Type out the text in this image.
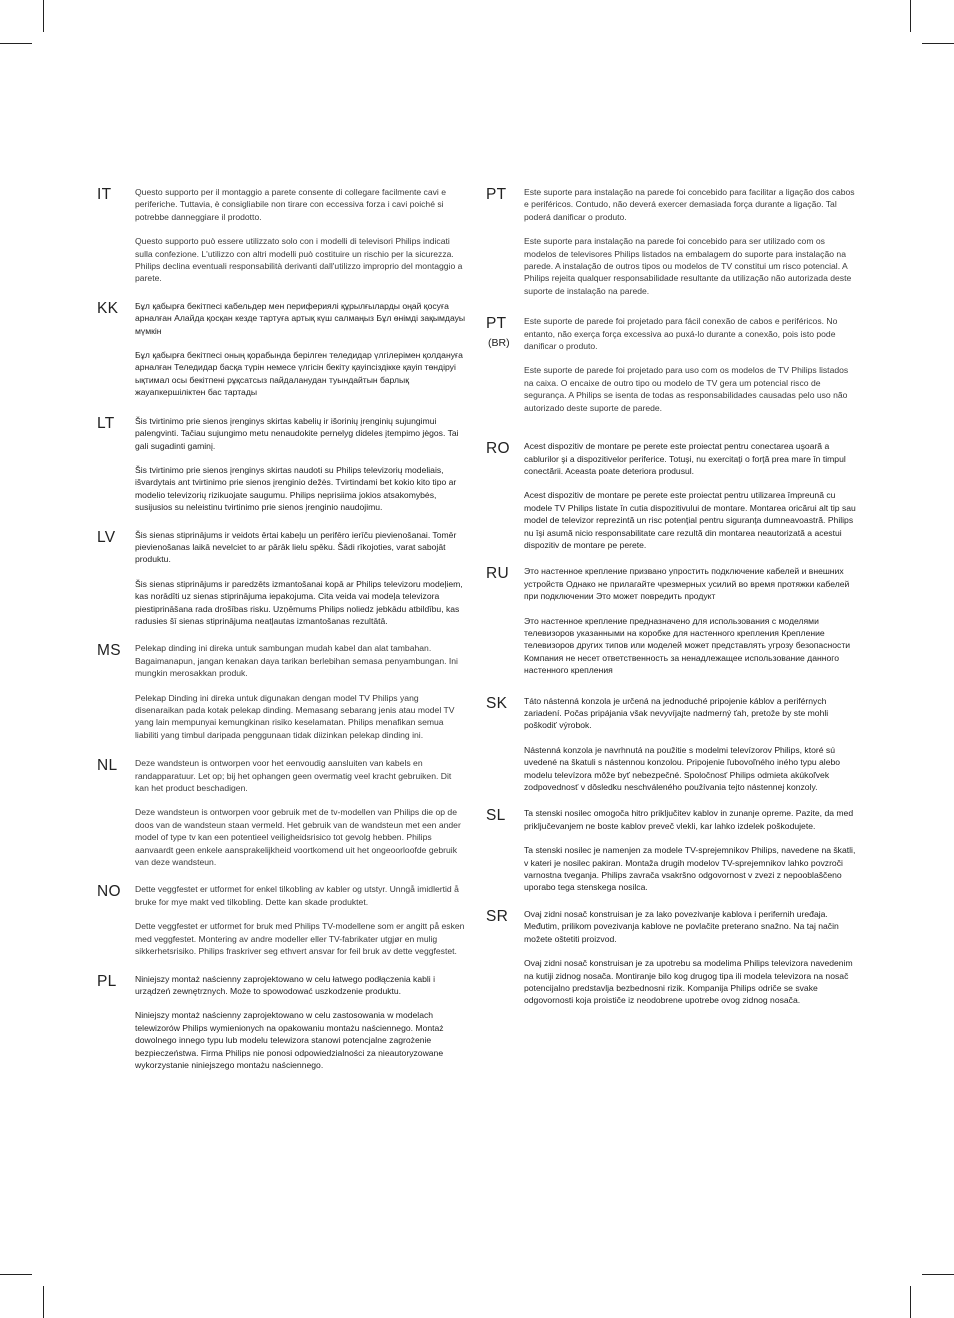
IT	Questo supporto per il montaggio a parete consente di collegare facilmente cavi e periferiche. Tuttavia, è consigliabile non tirare con eccessiva forza i cavi poiché si potrebbe danneggiare il prodotto.

Questo supporto può essere utilizzato solo con i modelli di televisori Philips indicati sulla confezione. L'utilizzo con altri modelli può costituire un rischio per la sicurezza. Philips declina eventuali responsabilità derivanti dall'utilizzo improprio del montaggio a parete.

KK Бұл қабырға бекітпесі кабельдер мен перифериялі құрылғыларды оңай қосуға арналған Алайда қосқан кезде тартуға артық күш салмаңыз Бұл өнімді зақымдауы мүмкін

Бұл қабырға бекітпесі оның қорабында берілген теледидар үлгілерімен қолдануға арналған Теледидар басқа түрін немесе үлгісін бекіту қауіпсіздікке қауіп төндіруі ықтимал осы бекітпені рұқсатсыз пайдаланудан туындайтын барлық жауапкершіліктен бас тартады

LT Šis tvirtinimo prie sienos įrenginys skirtas kabelių ir išorinių įrenginių sujungimui palengvinti. Tačiau sujungimo metu nenaudokite pernelyg dideles įtempimo jėgos. Tai gali sugadinti gaminį.

Šis tvirtinimo prie sienos įrenginys skirtas naudoti su Philips televizorių modeliais, išvardytais ant tvirtinimo prie sienos įrenginio dežės. Tvirtindami bet kokio kito tipo ar modelio televizorių rizikuojate saugumu. Philips neprisiima jokios atsakomybės, susijusios su neleistinu tvirtinimo prie sienos įrenginio naudojimu.

LV Šis sienas stiprinājums ir veidots ērtai kabeļu un perifēro ierīču pievienošanai. Tomēr pievienošanas laikā nevelciet to ar pārāk lielu spēku. Šādi rīkojoties, varat sabojāt produktu.

Šis sienas stiprinājums ir paredzēts izmantošanai kopā ar Philips televizoru modeļiem, kas norādīti uz sienas stiprinājuma iepakojuma. Cita veida vai modeļa televizora piestiprināšana rada drošības risku. Uzņēmums Philips noliedz jebkādu atbildību, kas radusies šī sienas stiprinājuma neatļautas izmantošanas rezultātā.

MS Pelekap dinding ini direka untuk sambungan mudah kabel dan alat tambahan. Bagaimanapun, jangan kenakan daya tarikan berlebihan semasa penyambungan. Ini mungkin merosakkan produk.

Pelekap Dinding ini direka untuk digunakan dengan model TV Philips yang disenaraikan pada kotak pelekap dinding. Memasang sebarang jenis atau model TV yang lain mempunyai kemungkinan risiko keselamatan. Philips menafikan semua liabiliti yang timbul daripada penggunaan tidak diizinkan pelekap dinding ini.

NL Deze wandsteun is ontworpen voor het eenvoudig aansluiten van kabels en randapparatuur. Let op; bij het ophangen geen overmatig veel kracht gebruiken. Dit kan het product beschadigen.

Deze wandsteun is ontworpen voor gebruik met de tv-modellen van Philips die op de doos van de wandsteun staan vermeld. Het gebruik van de wandsteun met een ander model of type tv kan een potentieel veiligheidsrisico tot gevolg hebben. Philips aanvaardt geen enkele aansprakelijkheid voortkomend uit het ongeoorloofde gebruik van deze wandsteun.

NO Dette veggfestet er utformet for enkel tilkobling av kabler og utstyr. Unngå imidlertid å bruke for mye makt ved tilkobling. Dette kan skade produktet.

Dette veggfestet er utformet for bruk med Philips TV-modellene som er angitt på esken med veggfestet. Montering av andre modeller eller TV-fabrikater utgjør en mulig sikkerhetsrisiko. Philips fraskriver seg ethvert ansvar for feil bruk av dette veggfestet.

PL Niniejszy montaż naścienny zaprojektowano w celu łatwego podłączenia kabli i urządzeń zewnętrznych. Może to spowodować uszkodzenie produktu.

Niniejszy montaż naścienny zaprojektowano w celu zastosowania w modelach telewizorów Philips wymienionych na opakowaniu montażu naściennego. Montaż dowolnego innego typu lub modelu telewizora stanowi potencjalne zagrożenie bezpieczeństwa. Firma Philips nie ponosi odpowiedzialności za nieautoryzowane wykorzystanie niniejszego montażu naściennego.

PT Este suporte para instalação na parede foi concebido para facilitar a ligação dos cabos e periféricos. Contudo, não deverá exercer demasiada força durante a ligação. Tal poderá danificar o produto.

Este suporte para instalação na parede foi concebido para ser utilizado com os modelos de televisores Philips listados na embalagem do suporte para instalação na parede. A instalação de outros tipos ou modelos de TV constitui um risco potencial. A Philips rejeita qualquer responsabilidade resultante da utilização não autorizada deste suporte de instalação na parede.

PT
(BR)

Este suporte de parede foi projetado para fácil conexão de cabos e periféricos. No entanto, não exerça força excessiva ao puxá-lo durante a conexão, pois isto pode danificar o produto.

Este suporte de parede foi projetado para uso com os modelos de TV Philips listados na caixa. O encaixe de outro tipo ou modelo de TV gera um potencial risco de segurança. A Philips se isenta de todas as responsabilidades causadas pelo uso não autorizado deste suporte de parede.

RO Acest dispozitiv de montare pe perete este proiectat pentru conectarea uşoară a cablurilor şi a dispozitivelor periferice. Totuşi, nu exercitaţi o forţă prea mare în timpul conectării. Aceasta poate deteriora produsul.

Acest dispozitiv de montare pe perete este proiectat pentru utilizarea împreună cu modele TV Philips listate în cutia dispozitivului de montare. Montarea oricărui alt tip sau model de televizor reprezintă un risc potenţial pentru siguranţa dumneavoastră. Philips nu îşi asumă nicio responsabilitate care rezultă din montarea neautorizată a acestui dispozitiv de montare pe perete.

RU Это настенное крепление призвано упростить подключение кабелей и внешних устройств Однако не прилагайте чрезмерных усилий во время протяжки кабелей при подключении Это может повредить продукт

Это настенное крепление предназначено для использования с моделями телевизоров указанными на коробке для настенного крепления Крепление телевизоров других типов или моделей может представлять угрозу безопасности Компания не несет ответственность за ненадлежащее использование данного настенного крепления

SK Táto nástenná konzola je určená na jednoduché pripojenie káblov a periférnych zariadení. Počas pripájania však nevyvíjajte nadmerný ťah, pretože by ste mohli poškodiť výrobok.

Nástenná konzola je navrhnutá na použitie s modelmi televízorov Philips, ktoré sú uvedené na škatuli s nástennou konzolou. Pripojenie ľubovoľného iného typu alebo modelu televízora môže byť nebezpečné. Spoločnosť Philips odmieta akúkoľvek zodpovednosť v dôsledku neschváleného používania tejto nástennej konzoly.

SL Ta stenski nosilec omogoča hitro priključitev kablov in zunanje opreme. Pazite, da med priključevanjem ne boste kablov preveč vlekli, kar lahko izdelek poškodujete.

Ta stenski nosilec je namenjen za modele TV-sprejemnikov Philips, navedene na škatli, v kateri je nosilec pakiran. Montaža drugih modelov TV-sprejemnikov lahko povzroči varnostna tveganja. Philips zavrača vsakršno odgovornost v zvezi z nepooblaščeno uporabo tega stenskega nosilca.

SR Ovaj zidni nosač konstruisan je za lako povezivanje kablova i perifernih uređaja. Međutim, prilikom povezivanja kablove ne povlačite preterano snažno. Na taj način možete oštetiti proizvod.

Ovaj zidni nosač konstruisan je za upotrebu sa modelima Philips televizora navedenim na kutiji zidnog nosača. Montiranje bilo kog drugog tipa ili modela televizora na nosač potencijalno predstavlja bezbednosni rizik. Kompanija Philips odriče se svake odgovornosti koja proističe iz neodobrene upotrebe ovog zidnog nosača.
